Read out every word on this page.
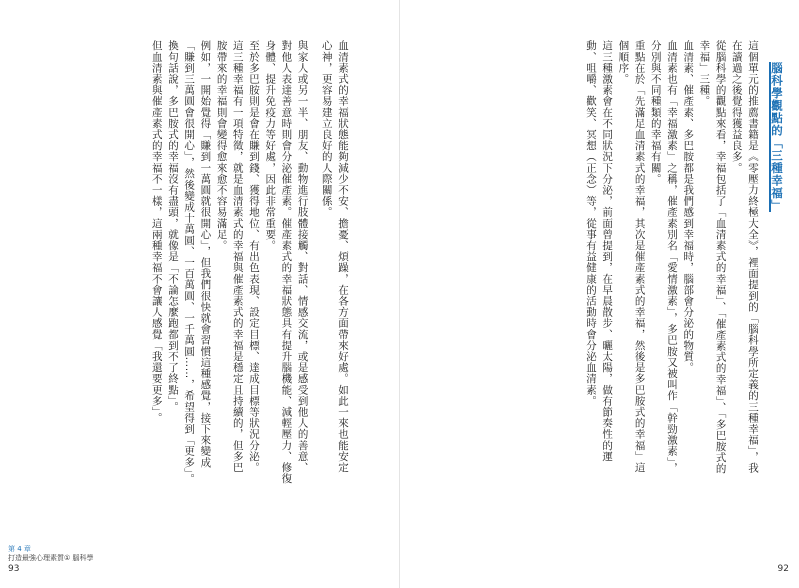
腦科學觀點的「三種幸福」

這個單元的推薦書籍是《零壓力終極大全》，裡面提到的「腦科學所定義的三種幸福」，我

在讀過之後覺得獲益良多。

從腦科學的觀點來看，幸福包括了「血清素式的幸福」、「催產素式的幸福」、「多巴胺式的

幸福」三種。

血清素、催產素、多巴胺都是我們感到幸福時，腦部會分泌的物質。

血清素也有「幸福激素」之稱，催產素別名「愛情激素」，多巴胺又被叫作「幹勁激素」，

分別與不同種類的幸福有關。

重點在於「先滿足血清素式的幸福，其次是催產素式的幸福，然後是多巴胺式的幸福」這

個順序。

這三種激素會在不同狀況下分泌，前面曾提到，在早晨散步、曬太陽，做有節奏性的運

動、咀嚼、歡笑、冥想（正念）等，從事有益健康的活動時會分泌血清素。

92

血清素式的幸福狀態能夠減少不安、擔憂、煩躁，在各方面帶來好處。如此一來也能安定

心神，更容易建立良好的人際關係。

與家人或另一半、朋友、動物進行肢體接觸、對話、情感交流，或是感受到他人的善意、

對他人表達善意時則會分泌催產素。催產素式的幸福狀態具有提升腦機能、減輕壓力、修復

身體、提升免疫力等好處，因此非常重要。

至於多巴胺則是會在賺到錢、獲得地位、有出色表現、設定目標、達成目標等狀況分泌。

這三種幸福有一項特徵，就是血清素式的幸福與催產素式的幸福是穩定且持續的，但多巴

胺帶來的幸福則會變得愈來愈不容易滿足。

例如，一開始覺得「賺到一萬圓就很開心」，但我們很快就會習慣這種感覺，接下來變成

「賺到三萬圓會很開心」，然後變成十萬圓、一百萬圓、一千萬圓……，希望得到「更多」。

換句話說，多巴胺式的幸福沒有盡頭，就像是「不論怎麼跑都到不了終點」。

但血清素與催產素式的幸福不一樣，這兩種幸福不會讓人感覺「我還要更多」。

第 4 章
打造最強心理素質① 腦科學
93
